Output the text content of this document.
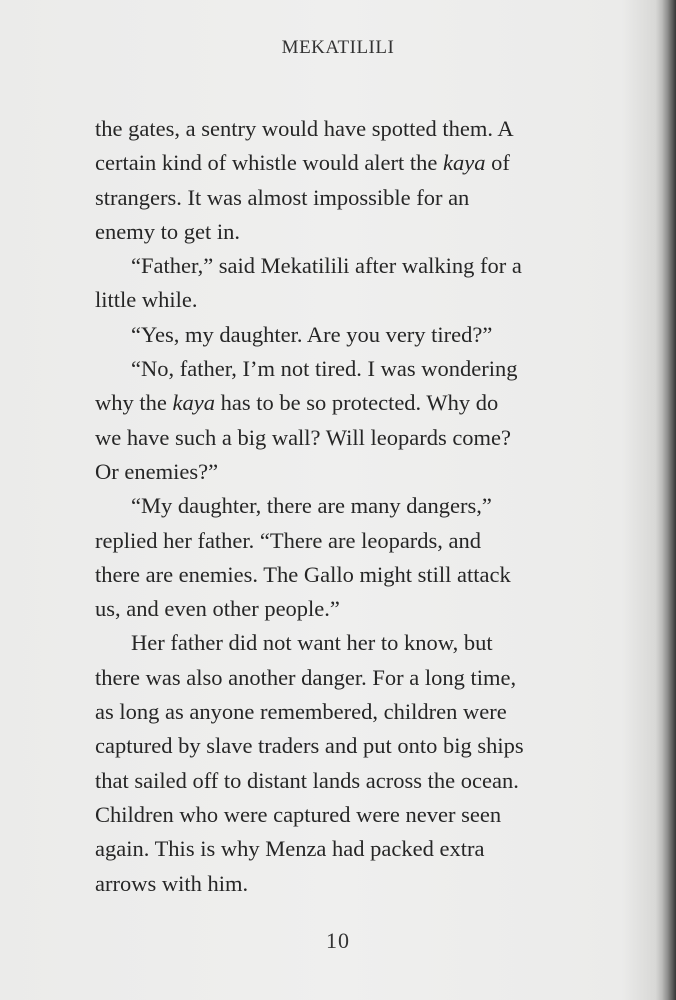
MEKATILILI
the gates, a sentry would have spotted them. A
certain kind of whistle would alert the kaya of
strangers. It was almost impossible for an
enemy to get in.
“Father,” said Mekatilili after walking for a
little while.
“Yes, my daughter. Are you very tired?”
“No, father, I’m not tired. I was wondering
why the kaya has to be so protected. Why do
we have such a big wall? Will leopards come?
Or enemies?”
“My daughter, there are many dangers,”
replied her father. “There are leopards, and
there are enemies. The Gallo might still attack
us, and even other people.”
Her father did not want her to know, but
there was also another danger. For a long time,
as long as anyone remembered, children were
captured by slave traders and put onto big ships
that sailed off to distant lands across the ocean.
Children who were captured were never seen
again. This is why Menza had packed extra
arrows with him.
10
